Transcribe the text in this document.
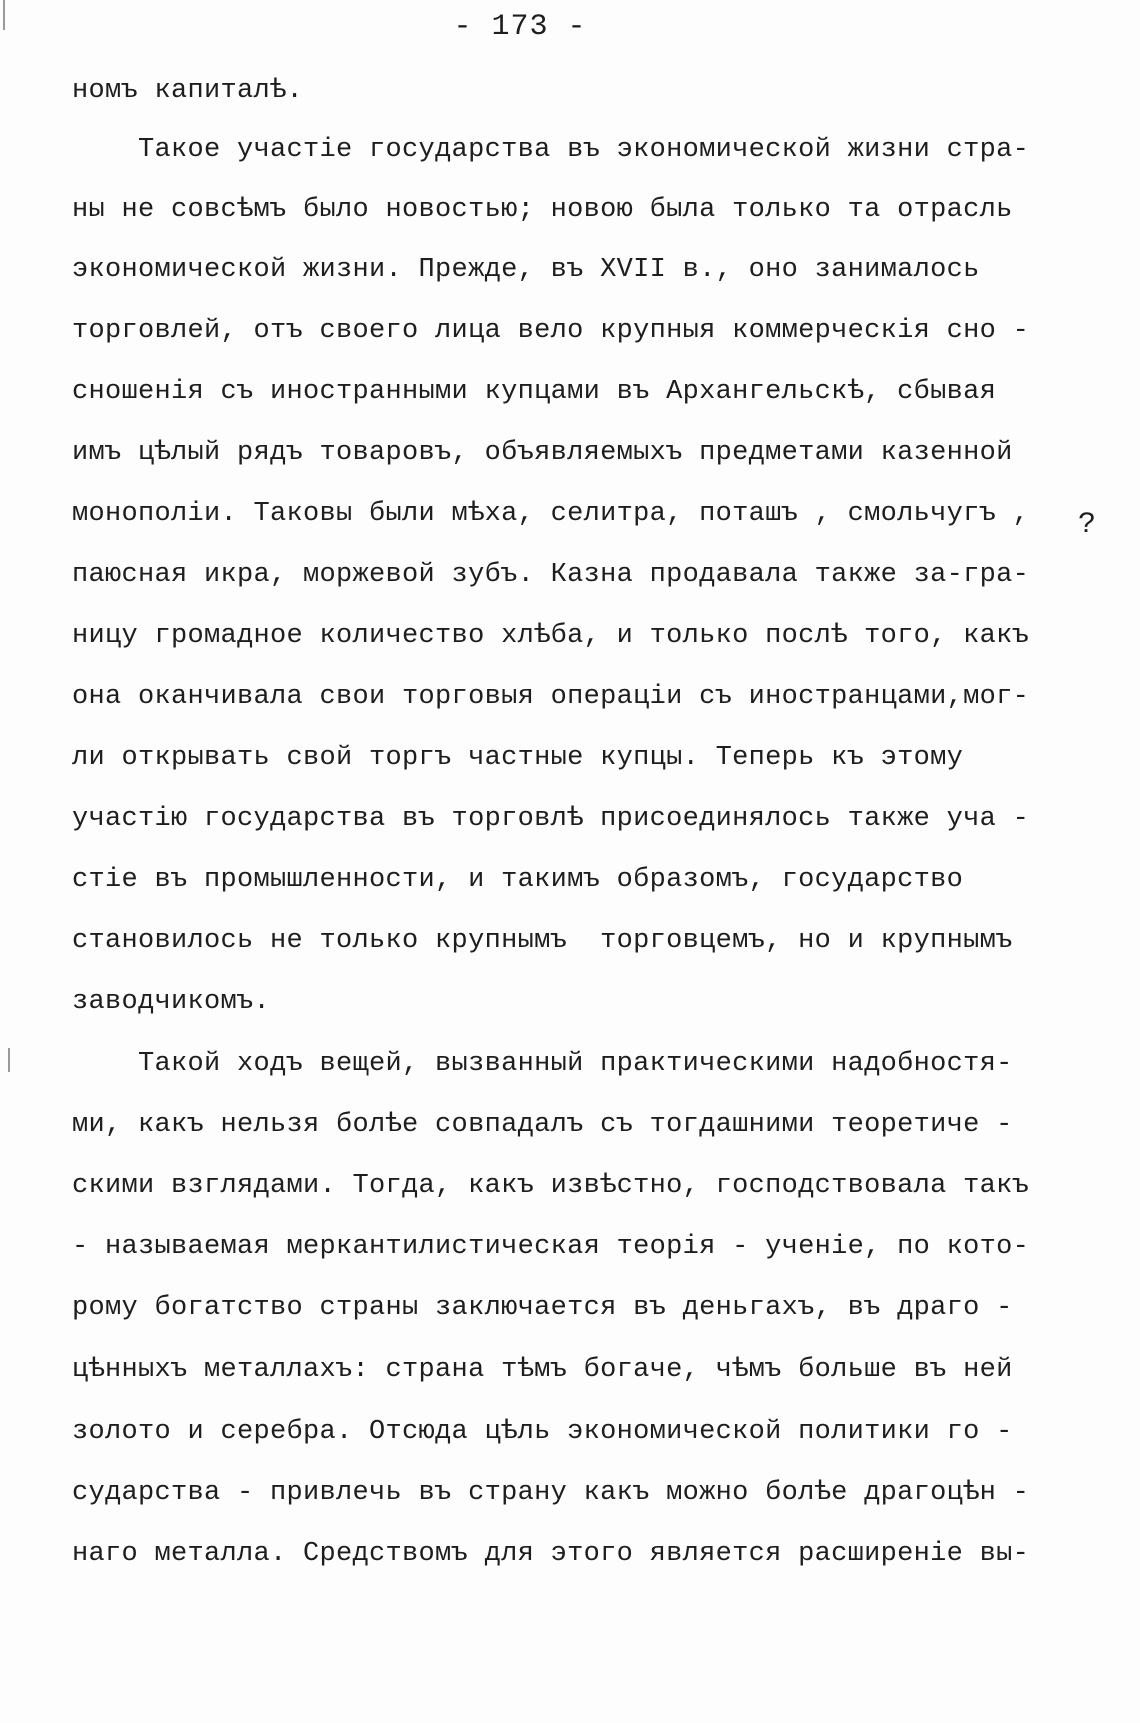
- 173 -
номъ капиталѣ.
Такое участіе государства въ экономической жизни стра-
ны не совсѣмъ было новостью; новою была только та отрасль
экономической жизни. Прежде, въ XVII в., оно занималось
торговлей, отъ своего лица вело крупныя коммерческія сно -
сношенія съ иностранными купцами въ Архангельскѣ, сбывая
имъ цѣлый рядъ товаровъ, объявляемыхъ предметами казенной
монополіи. Таковы были мѣха, селитра, поташъ , смольчугъ ,
паюсная икра, моржевой зубъ. Казна продавала также за-гра-
ницу громадное количество хлѣба, и только послѣ того, какъ
она оканчивала свои торговыя операціи съ иностранцами,мог-
ли открывать свой торгъ частные купцы. Теперь къ этому
участію государства въ торговлѣ присоединялось также уча -
стіе въ промышленности, и такимъ образомъ, государство
становилось не только крупнымъ  торговцемъ, но и крупнымъ
заводчикомъ.
Такой ходъ вещей, вызванный практическими надобностя-
ми, какъ нельзя болѣе совпадалъ съ тогдашними теоретиче -
скими взглядами. Тогда, какъ извѣстно, господствовала такъ
- называемая меркантилистическая теорія - ученіе, по кото-
рому богатство страны заключается въ деньгахъ, въ драго -
цѣнныхъ металлахъ: страна тѣмъ богаче, чѣмъ больше въ ней
золото и серебра. Отсюда цѣль экономической политики го -
сударства - привлечь въ страну какъ можно болѣе драгоцѣн -
наго металла. Средствомъ для этого является расширеніе вы-
?
